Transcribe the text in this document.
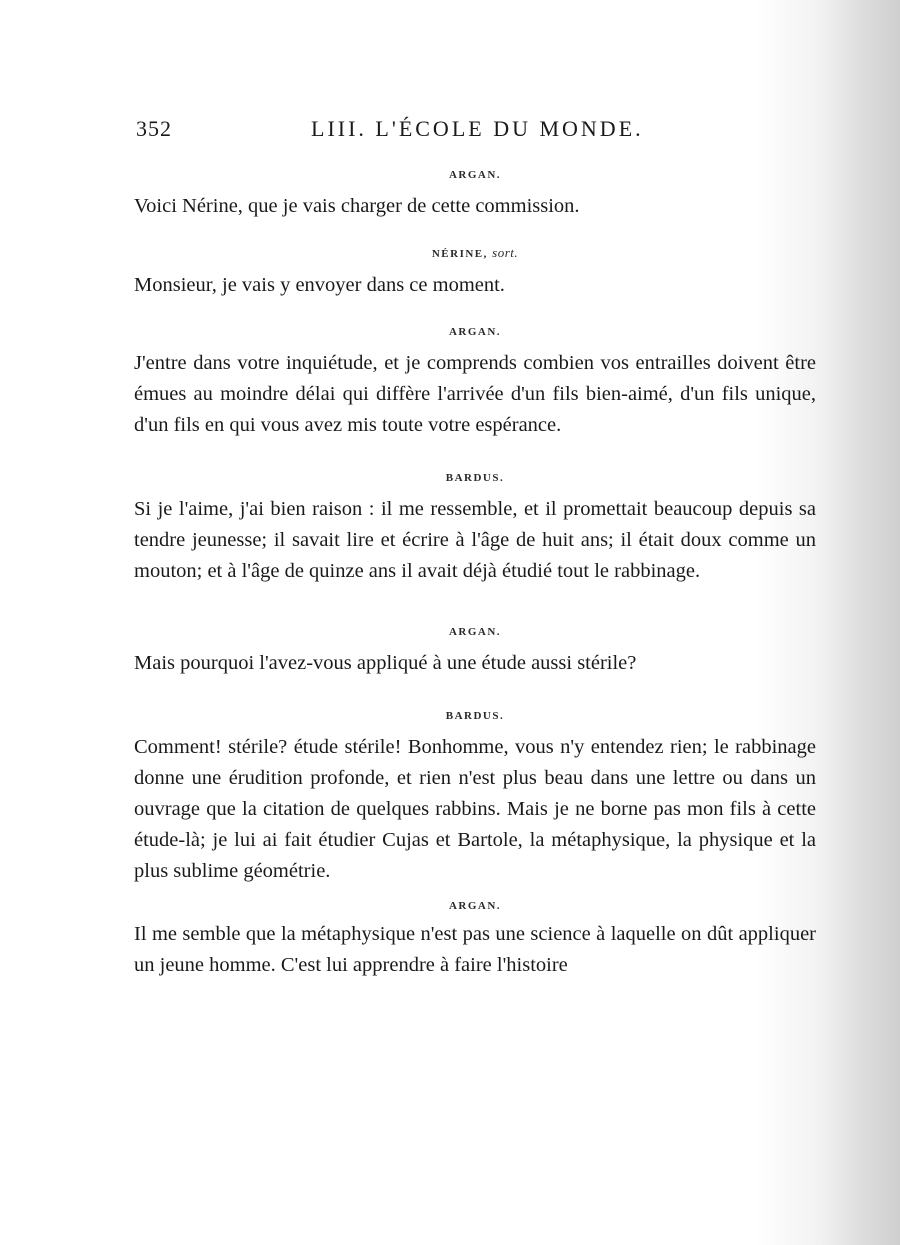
352	LIII. L'ÉCOLE DU MONDE.
ARGAN.

Voici Nérine, que je vais charger de cette commission.

NÉRINE, sort.

Monsieur, je vais y envoyer dans ce moment.

ARGAN.

J'entre dans votre inquiétude, et je comprends combien vos entrailles doivent être émues au moindre délai qui diffère l'arrivée d'un fils bien-aimé, d'un fils unique, d'un fils en qui vous avez mis toute votre espérance.

BARDUS.

Si je l'aime, j'ai bien raison : il me ressemble, et il promettait beaucoup depuis sa tendre jeunesse; il savait lire et écrire à l'âge de huit ans; il était doux comme un mouton; et à l'âge de quinze ans il avait déjà étudié tout le rabbinage.

ARGAN.

Mais pourquoi l'avez-vous appliqué à une étude aussi stérile?

BARDUS.

Comment! stérile? étude stérile! Bonhomme, vous n'y entendez rien; le rabbinage donne une érudition profonde, et rien n'est plus beau dans une lettre ou dans un ouvrage que la citation de quelques rabbins. Mais je ne borne pas mon fils à cette étude-là; je lui ai fait étudier Cujas et Bartole, la métaphysique, la physique et la plus sublime géométrie.

ARGAN.

Il me semble que la métaphysique n'est pas une science à laquelle on dût appliquer un jeune homme. C'est lui apprendre à faire l'histoire
